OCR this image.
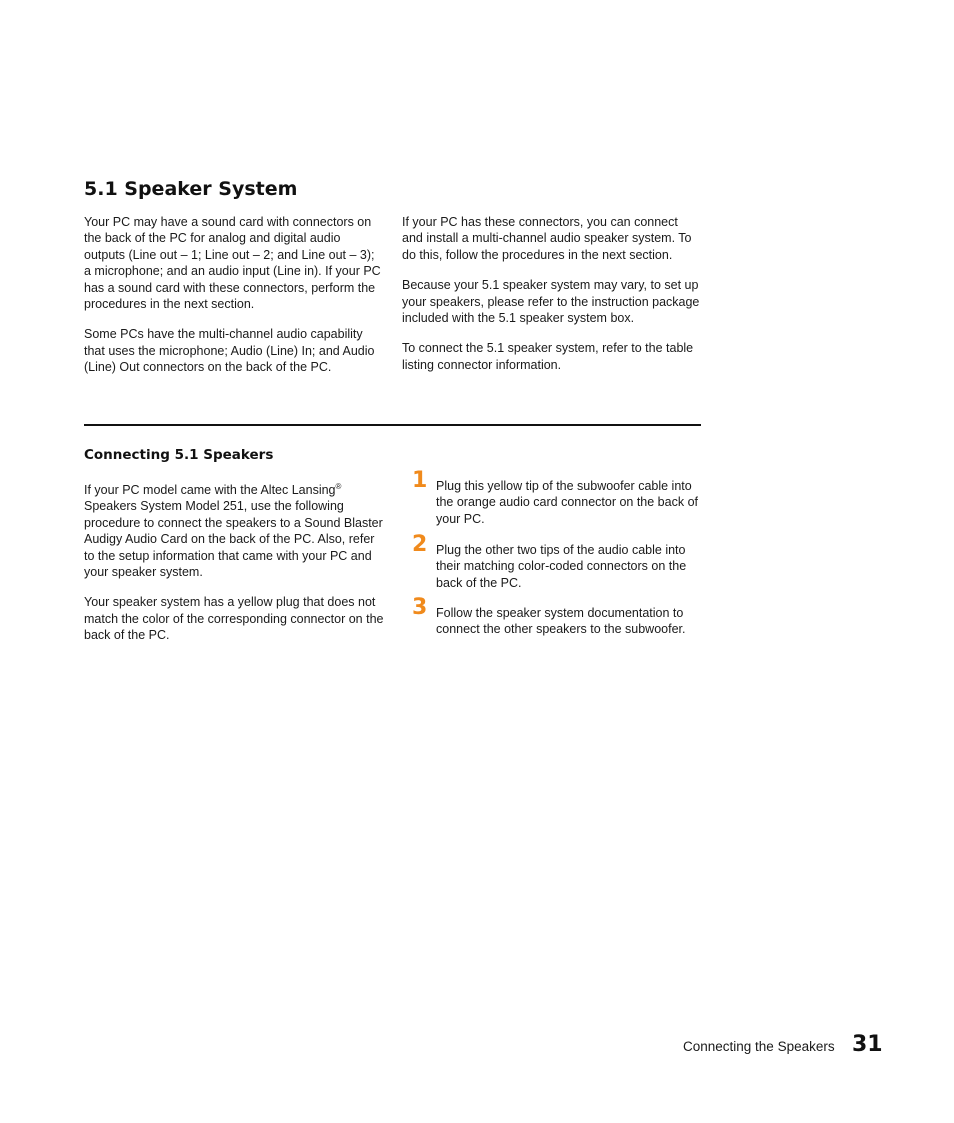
5.1 Speaker System

Your PC may have a sound card with connectors on the back of the PC for analog and digital audio outputs (Line out – 1; Line out – 2; and Line out – 3); a microphone; and an audio input (Line in). If your PC has a sound card with these connectors, perform the procedures in the next section.

Some PCs have the multi-channel audio capability that uses the microphone; Audio (Line) In; and Audio (Line) Out connectors on the back of the PC.

If your PC has these connectors, you can connect and install a multi-channel audio speaker system. To do this, follow the procedures in the next section.

Because your 5.1 speaker system may vary, to set up your speakers, please refer to the instruction package included with the 5.1 speaker system box.

To connect the 5.1 speaker system, refer to the table listing connector information.

Connecting 5.1 Speakers

If your PC model came with the Altec Lansing® Speakers System Model 251, use the following procedure to connect the speakers to a Sound Blaster Audigy Audio Card on the back of the PC. Also, refer to the setup information that came with your PC and your speaker system.

Your speaker system has a yellow plug that does not match the color of the corresponding connector on the back of the PC.

1 Plug this yellow tip of the subwoofer cable into the orange audio card connector on the back of your PC.
2 Plug the other two tips of the audio cable into their matching color-coded connectors on the back of the PC.
3 Follow the speaker system documentation to connect the other speakers to the subwoofer.
Connecting the Speakers 31
